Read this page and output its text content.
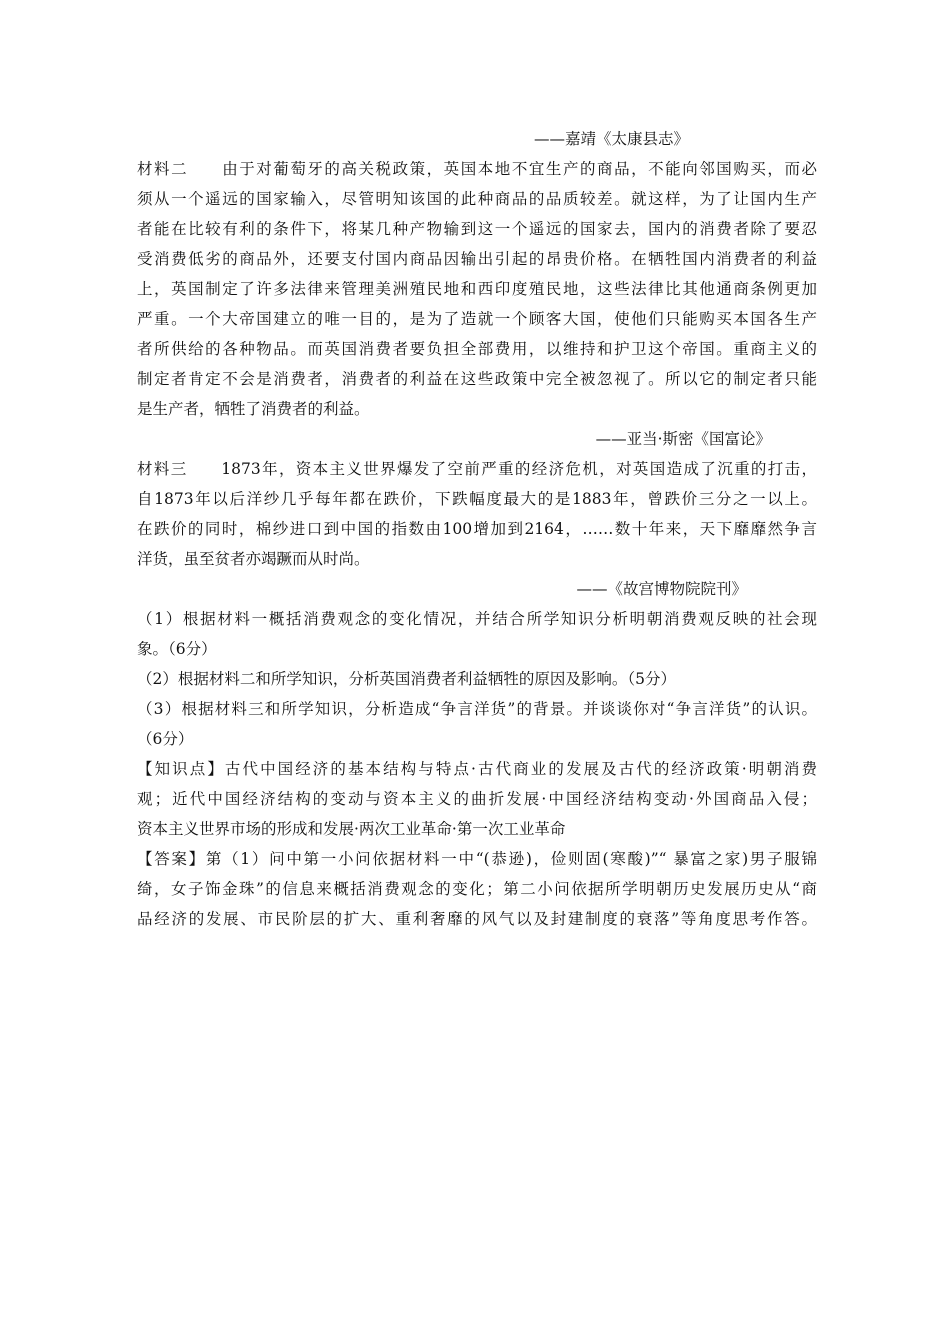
——嘉靖《太康县志》
材料二　　由于对葡萄牙的高关税政策，英国本地不宜生产的商品，不能向邻国购买，而必
须从一个遥远的国家输入，尽管明知该国的此种商品的品质较差。就这样，为了让国内生产
者能在比较有利的条件下，将某几种产物输到这一个遥远的国家去，国内的消费者除了要忍
受消费低劣的商品外，还要支付国内商品因输出引起的昂贵价格。在牺牲国内消费者的利益
上，英国制定了许多法律来管理美洲殖民地和西印度殖民地，这些法律比其他通商条例更加
严重。一个大帝国建立的唯一目的，是为了造就一个顾客大国，使他们只能购买本国各生产
者所供给的各种物品。而英国消费者要负担全部费用，以维持和护卫这个帝国。重商主义的
制定者肯定不会是消费者，消费者的利益在这些政策中完全被忽视了。所以它的制定者只能
是生产者，牺牲了消费者的利益。
——亚当·斯密《国富论》
材料三　　1873年，资本主义世界爆发了空前严重的经济危机，对英国造成了沉重的打击，
自1873年以后洋纱几乎每年都在跌价，下跌幅度最大的是1883年，曾跌价三分之一以上。
在跌价的同时，棉纱进口到中国的指数由100增加到2164，……数十年来，天下靡靡然争言
洋货，虽至贫者亦竭蹶而从时尚。
——《故宫博物院院刊》
（1）根据材料一概括消费观念的变化情况，并结合所学知识分析明朝消费观反映的社会现
象。（6分）
（2）根据材料二和所学知识，分析英国消费者利益牺牲的原因及影响。（5分）
（3）根据材料三和所学知识，分析造成“争言洋货”的背景。并谈谈你对“争言洋货”的认识。
（6分）
【知识点】古代中国经济的基本结构与特点·古代商业的发展及古代的经济政策·明朝消费
观；近代中国经济结构的变动与资本主义的曲折发展·中国经济结构变动·外国商品入侵；
资本主义世界市场的形成和发展·两次工业革命·第一次工业革命
【答案】第（1）问中第一小问依据材料一中“(恭逊)，俭则固(寒酸)”“ 暴富之家)男子服锦
绮，女子饰金珠”的信息来概括消费观念的变化；第二小问依据所学明朝历史发展历史从“商
品经济的发展、市民阶层的扩大、重利奢靡的风气以及封建制度的衰落”等角度思考作答。
